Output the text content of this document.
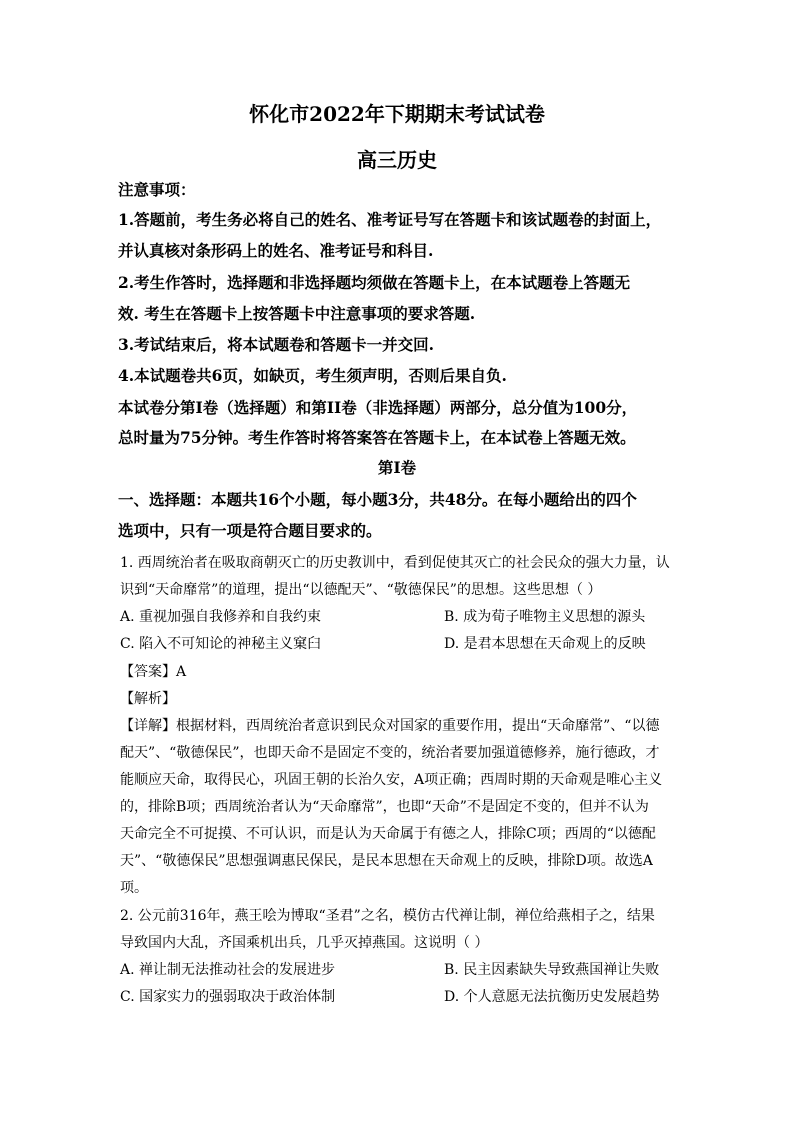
怀化市2022年下期期末考试试卷
高三历史
注意事项：
1.答题前，考生务必将自己的姓名、准考证号写在答题卡和该试题卷的封面上，
并认真核对条形码上的姓名、准考证号和科目.
2.考生作答时，选择题和非选择题均须做在答题卡上，在本试题卷上答题无
效. 考生在答题卡上按答题卡中注意事项的要求答题.
3.考试结束后，将本试题卷和答题卡一并交回.
4.本试题卷共6页，如缺页，考生须声明，否则后果自负.
本试卷分第I卷（选择题）和第II卷（非选择题）两部分，总分值为100分，
总时量为75分钟。考生作答时将答案答在答题卡上，在本试卷上答题无效。
第I卷
一、选择题：本题共16个小题，每小题3分，共48分。在每小题给出的四个
选项中，只有一项是符合题目要求的。
1. 西周统治者在吸取商朝灭亡的历史教训中，看到促使其灭亡的社会民众的强大力量，认
识到“天命靡常”的道理，提出“以德配天”、“敬德保民”的思想。这些思想（ ）
A. 重视加强自我修养和自我约束	B. 成为荀子唯物主义思想的源头
C. 陷入不可知论的神秘主义窠臼	D. 是君本思想在天命观上的反映
【答案】A
【解析】
【详解】根据材料，西周统治者意识到民众对国家的重要作用，提出“天命靡常”、“以德
配天”、“敬德保民”，也即天命不是固定不变的，统治者要加强道德修养，施行德政，才
能顺应天命，取得民心，巩固王朝的长治久安，A项正确；西周时期的天命观是唯心主义
的，排除B项；西周统治者认为“天命靡常”，也即“天命”不是固定不变的，但并不认为
天命完全不可捉摸、不可认识，而是认为天命属于有德之人，排除C项；西周的“以德配
天”、“敬德保民”思想强调惠民保民，是民本思想在天命观上的反映，排除D项。故选A
项。
2. 公元前316年，燕王哙为博取“圣君”之名，模仿古代禅让制，禅位给燕相子之，结果
导致国内大乱，齐国乘机出兵，几乎灭掉燕国。这说明（ ）
A. 禅让制无法推动社会的发展进步	B. 民主因素缺失导致燕国禅让失败
C. 国家实力的强弱取决于政治体制	D. 个人意愿无法抗衡历史发展趋势
